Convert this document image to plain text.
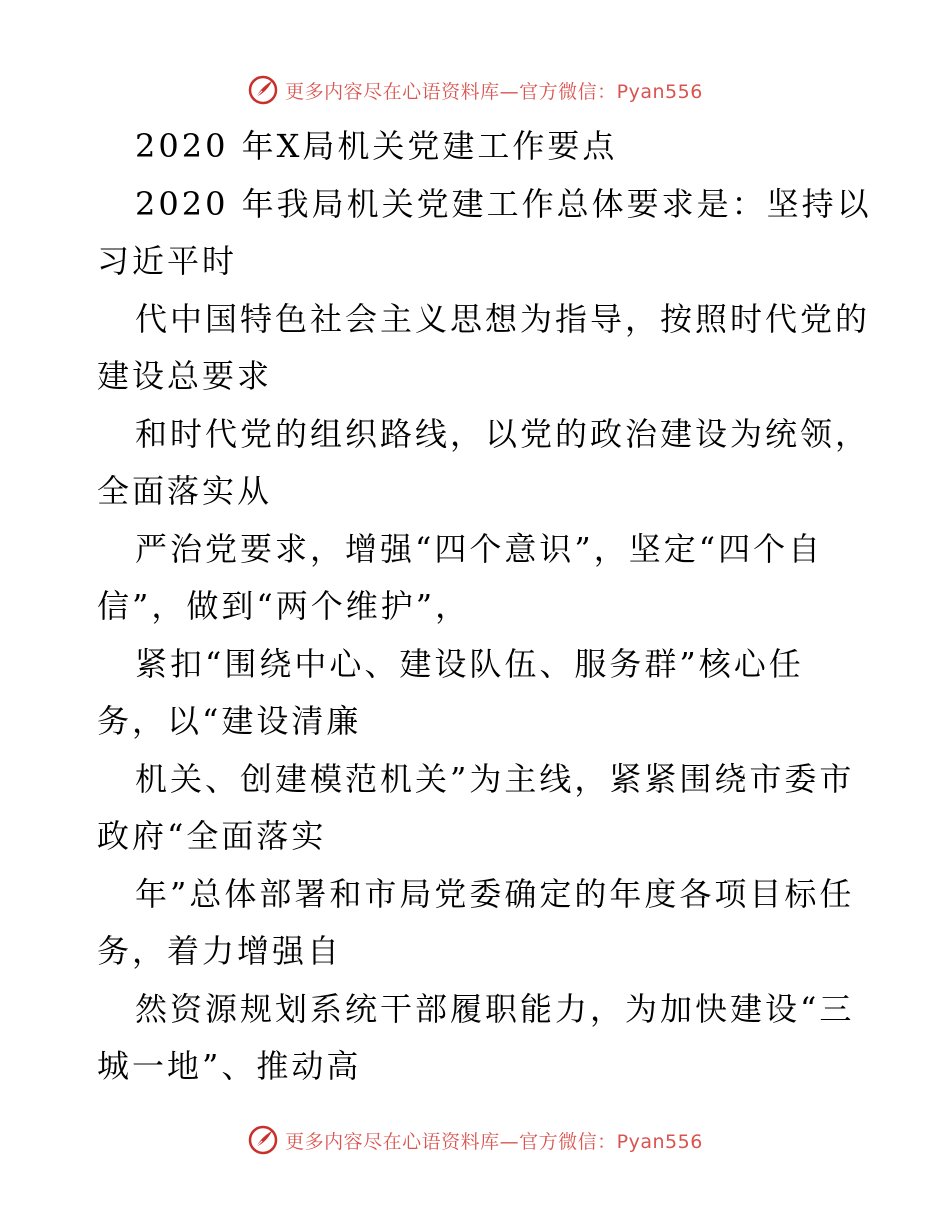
更多内容尽在心语资料库—官方微信：Pyan556
2020 年X局机关党建工作要点
2020 年我局机关党建工作总体要求是：坚持以
习近平时
代中国特色社会主义思想为指导，按照时代党的
建设总要求
和时代党的组织路线，以党的政治建设为统领，
全面落实从
严治党要求，增强“四个意识”，坚定“四个自
信”，做到“两个维护”，
紧扣“围绕中心、建设队伍、服务群”核心任
务，以“建设清廉
机关、创建模范机关”为主线，紧紧围绕市委市
政府“全面落实
年”总体部署和市局党委确定的年度各项目标任
务，着力增强自
然资源规划系统干部履职能力，为加快建设“三
城一地”、推动高
更多内容尽在心语资料库—官方微信：Pyan556
